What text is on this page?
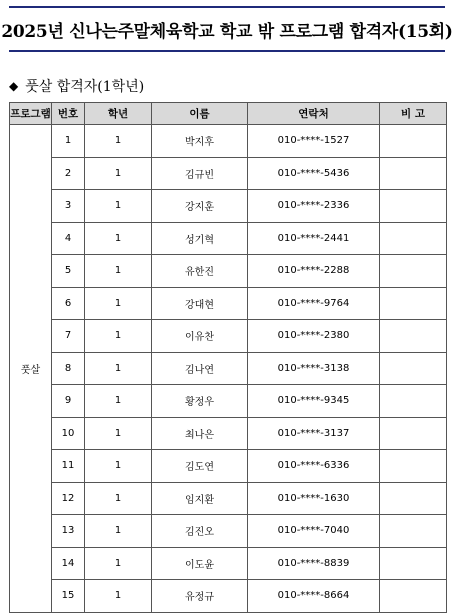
2025년 신나는주말체육학교 학교 밖 프로그램 합격자(15회)
◆ 풋살 합격자(1학년)
프로그램	번호	학년	이름	연락처	비 고
풋살	1	1	박지후	010-****-1527	
	2	1	김규빈	010-****-5436	
	3	1	강지훈	010-****-2336	
	4	1	성기혁	010-****-2441	
	5	1	유한진	010-****-2288	
	6	1	강대현	010-****-9764	
	7	1	이유찬	010-****-2380	
	8	1	김나연	010-****-3138	
	9	1	황정우	010-****-9345	
	10	1	최나은	010-****-3137	
	11	1	김도연	010-****-6336	
	12	1	임지환	010-****-1630	
	13	1	김진오	010-****-7040	
	14	1	이도윤	010-****-8839	
	15	1	유정규	010-****-8664	
